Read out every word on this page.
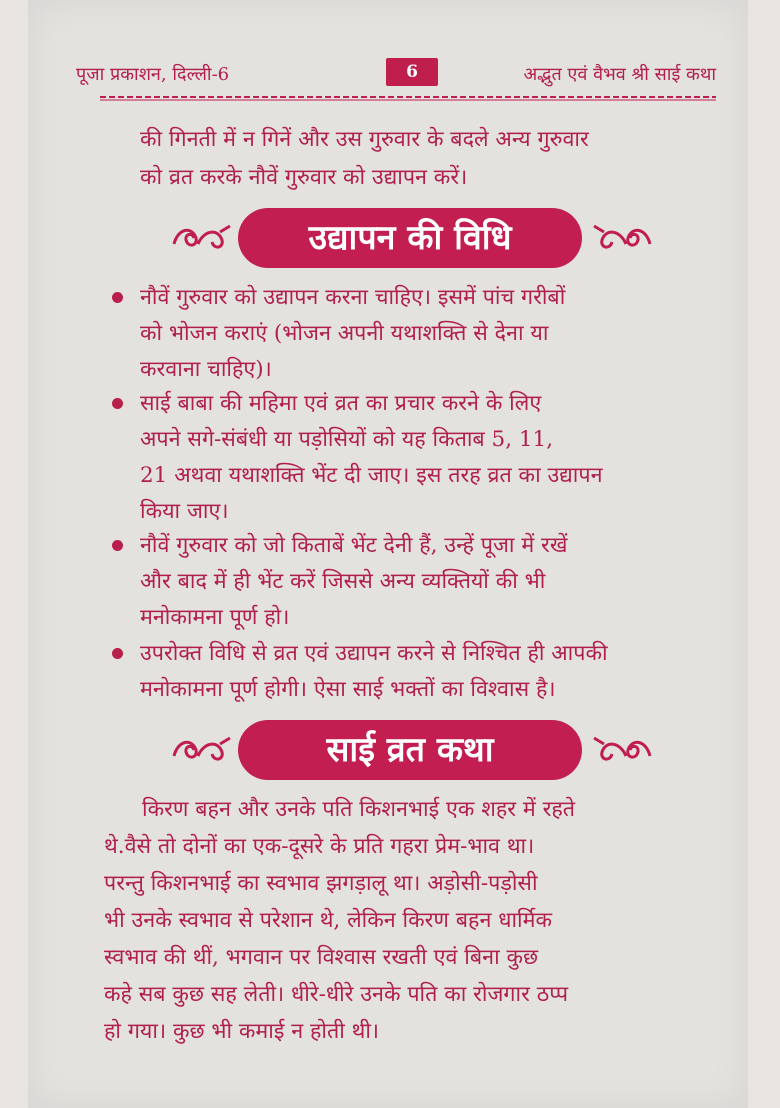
पूजा प्रकाशन, दिल्ली-6	6	अद्भुत एवं वैभव श्री साई कथा
की गिनती में न गिनें और उस गुरुवार के बदले अन्य गुरुवार
को व्रत करके नौवें गुरुवार को उद्यापन करें।
उद्यापन की विधि
नौवें गुरुवार को उद्यापन करना चाहिए। इसमें पांच गरीबों
को भोजन कराएं (भोजन अपनी यथाशक्ति से देना या
करवाना चाहिए)।
साई बाबा की महिमा एवं व्रत का प्रचार करने के लिए
अपने सगे-संबंधी या पड़ोसियों को यह किताब 5, 11,
21 अथवा यथाशक्ति भेंट दी जाए। इस तरह व्रत का उद्यापन
किया जाए।
नौवें गुरुवार को जो किताबें भेंट देनी हैं, उन्हें पूजा में रखें
और बाद में ही भेंट करें जिससे अन्य व्यक्तियों की भी
मनोकामना पूर्ण हो।
उपरोक्त विधि से व्रत एवं उद्यापन करने से निश्चित ही आपकी
मनोकामना पूर्ण होगी। ऐसा साई भक्तों का विश्वास है।
साई व्रत कथा
किरण बहन और उनके पति किशनभाई एक शहर में रहते
थे.वैसे तो दोनों का एक-दूसरे के प्रति गहरा प्रेम-भाव था।
परन्तु किशनभाई का स्वभाव झगड़ालू था। अड़ोसी-पड़ोसी
भी उनके स्वभाव से परेशान थे, लेकिन किरण बहन धार्मिक
स्वभाव की थीं, भगवान पर विश्वास रखती एवं बिना कुछ
कहे सब कुछ सह लेती। धीरे-धीरे उनके पति का रोजगार ठप्प
हो गया। कुछ भी कमाई न होती थी।
